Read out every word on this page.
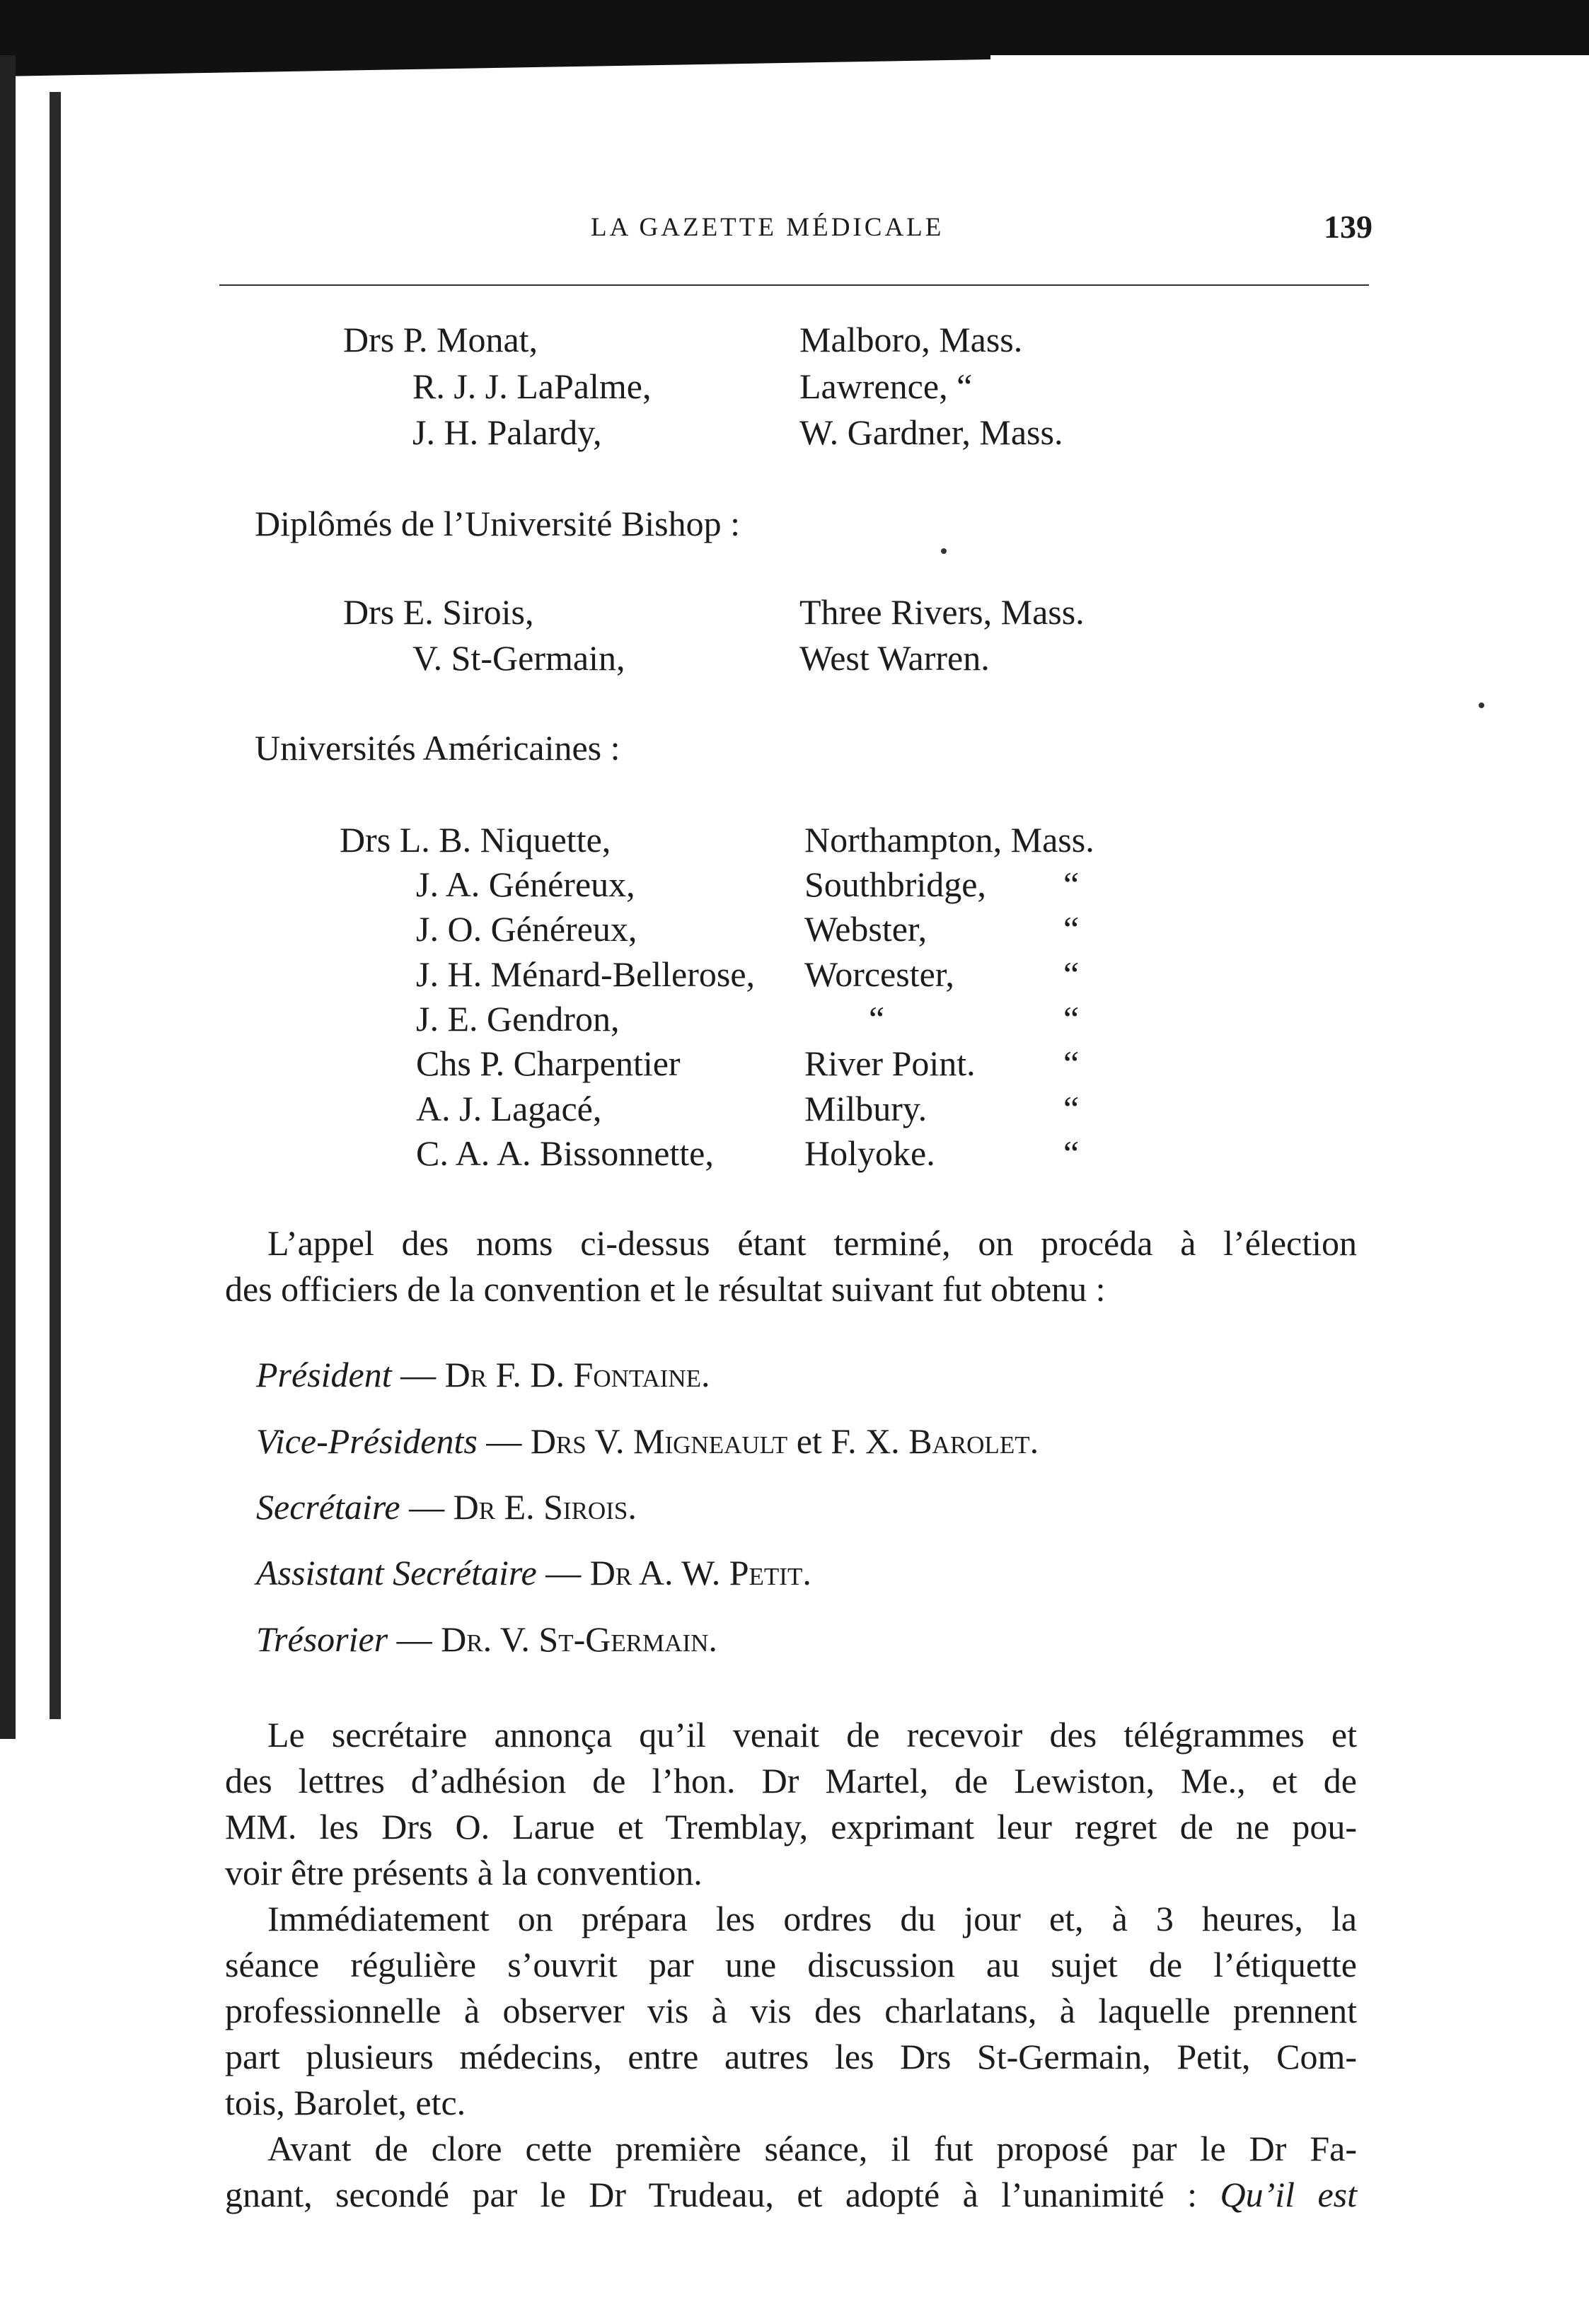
LA GAZETTE MÉDICALE	139
Drs P. Monat,	Malboro, Mass.
R. J. J. LaPalme,	Lawrence, “
J. H. Palardy,	W. Gardner, Mass.
Diplômés de l’Université Bishop :
Drs E. Sirois,	Three Rivers, Mass.
V. St-Germain,	West Warren.
Universités Américaines :
Drs L. B. Niquette,	Northampton, Mass.
J. A. Généreux,	Southbridge, “
J. O. Généreux,	Webster,	“
J. H. Ménard-Bellerose, Worcester,	“
J. E. Gendron,	“	“
Chs P. Charpentier	River Point. “
A. J. Lagacé,	Milbury.	“
C. A. A. Bissonnette,	Holyoke.	“

L’appel des noms ci-dessus étant terminé, on procéda à l’élection

des officiers de la convention et le résultat suivant fut obtenu :

Président — Dr F. D. Fontaine.
Vice-Présidents — Drs V. Migneault et F. X. Barolet.
Secrétaire — Dr E. Sirois.
Assistant Secrétaire — Dr A. W. Petit.
Trésorier — Dr. V. St-Germain.

Le secrétaire annonça qu’il venait de recevoir des télégrammes et

des lettres d’adhésion de l’hon. Dr Martel, de Lewiston, Me., et de

MM. les Drs O. Larue et Tremblay, exprimant leur regret de ne pou-

voir être présents à la convention.

Immédiatement on prépara les ordres du jour et, à 3 heures, la

séance régulière s’ouvrit par une discussion au sujet de l’étiquette

professionnelle à observer vis à vis des charlatans, à laquelle prennent

part plusieurs médecins, entre autres les Drs St-Germain, Petit, Com-

tois, Barolet, etc.

Avant de clore cette première séance, il fut proposé par le Dr Fa-

gnant, secondé par le Dr Trudeau, et adopté à l’unanimité : Qu’il est
